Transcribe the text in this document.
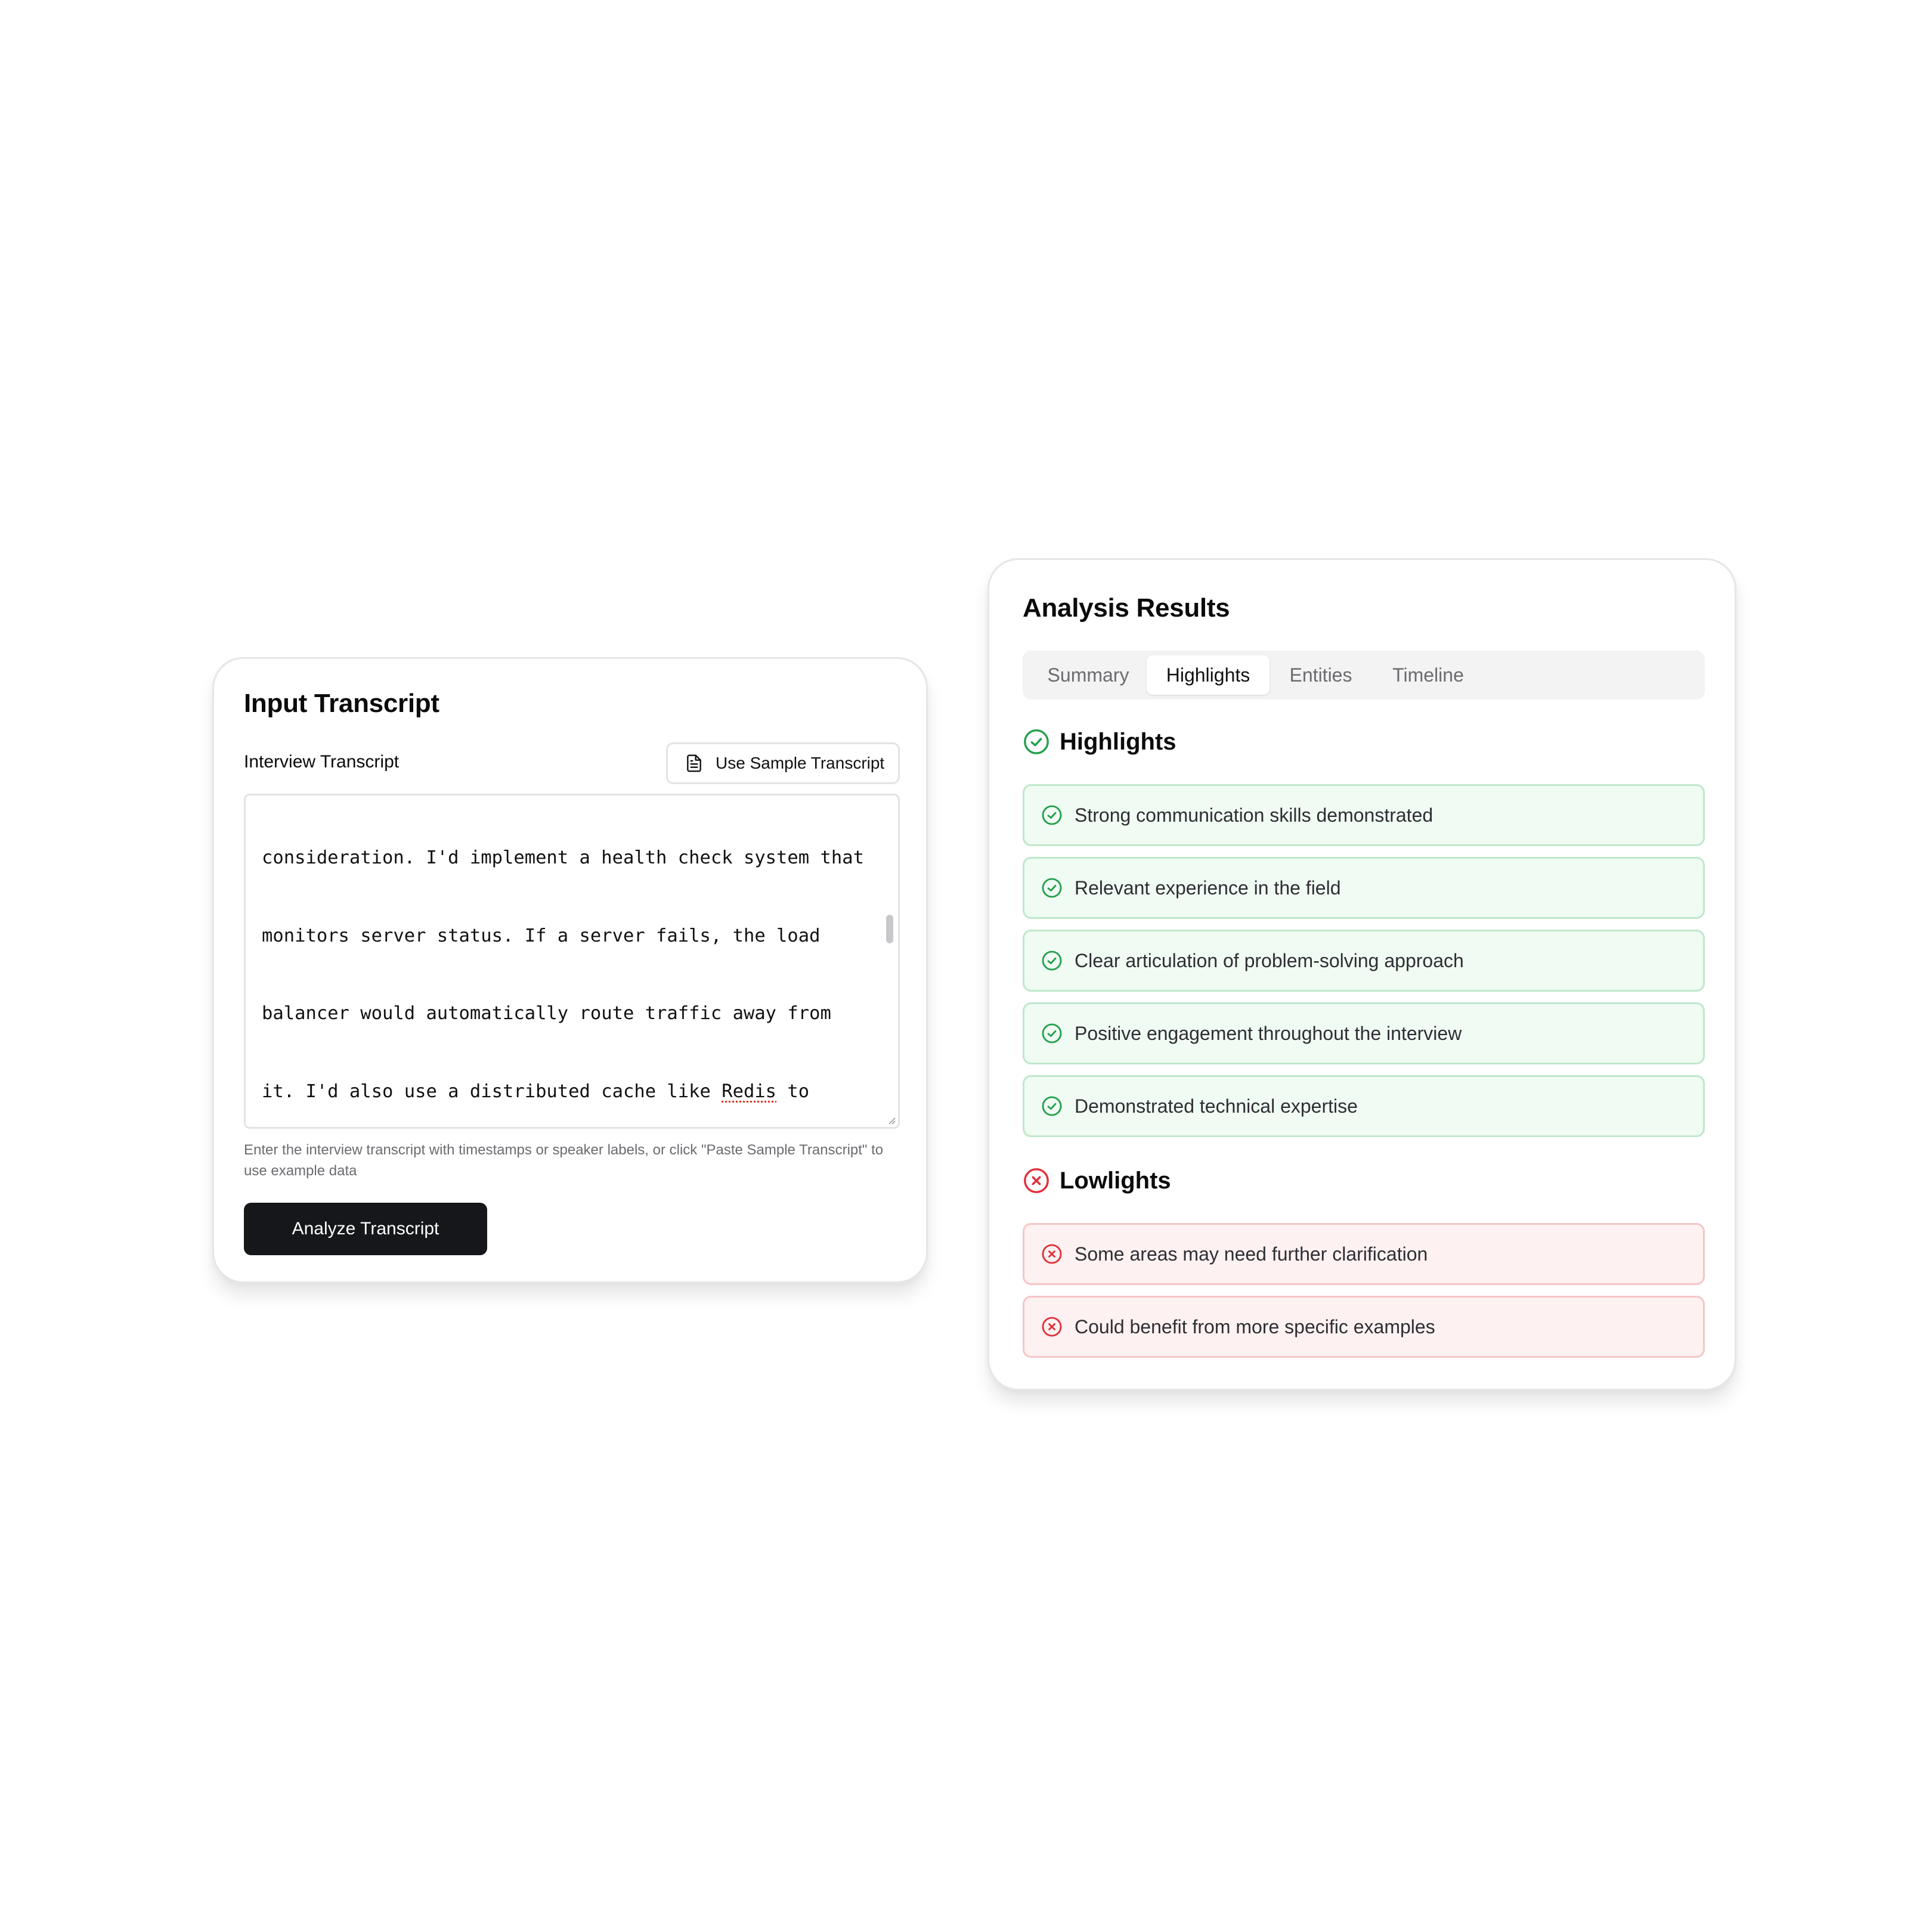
Input Transcript
Interview Transcript	Use Sample Transcript

consideration. I'd implement a health check system that

monitors server status. If a server fails, the load

balancer would automatically route traffic away from

it. I'd also use a distributed cache like Redis to

Enter the interview transcript with timestamps or speaker labels, or click "Paste Sample Transcript" to use example data
Analyze Transcript
Analysis Results
Summary	Highlights	Entities	Timeline
Highlights
Strong communication skills demonstrated
Relevant experience in the field
Clear articulation of problem-solving approach
Positive engagement throughout the interview
Demonstrated technical expertise
Lowlights
Some areas may need further clarification
Could benefit from more specific examples
